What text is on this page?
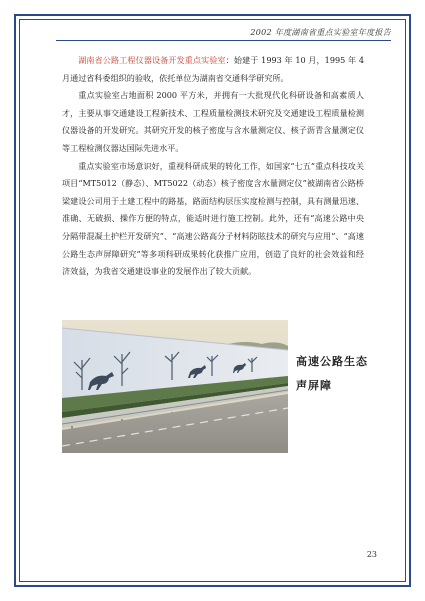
2002 年度湖南省重点实验室年度报告

湖南省公路工程仪器设备开发重点实验室：始建于 1993 年 10 月，1995 年 4 月通过省科委组织的验收，依托单位为湖南省交通科学研究所。

重点实验室占地面积 2000 平方米，并拥有一大批现代化科研设备和高素质人才，主要从事交通建设工程新技术、工程质量检测技术研究及交通建设工程质量检测仪器设备的开发研究。其研究开发的核子密度与含水量测定仪、核子沥青含量测定仪等工程检测仪器达国际先进水平。

重点实验室市场意识好，重视科研成果的转化工作，如国家“七五”重点科技攻关项目“MT5012（静态）、MT5022（动态）核子密度含水量测定仪”被湖南省公路桥梁建设公司用于土建工程中的路基，路面结构层压实度检测与控制，具有测量迅速、准确、无破损、操作方便的特点，能适时进行施工控制。此外，还有“高速公路中央分隔带混凝土护栏开发研究”、“高速公路高分子材料防眩技术的研究与应用”、“高速公路生态声屏障研究”等多项科研成果转化获推广应用，创造了良好的社会效益和经济效益，为我省交通建设事业的发展作出了较大贡献。

高速公路生态声屏障
23
